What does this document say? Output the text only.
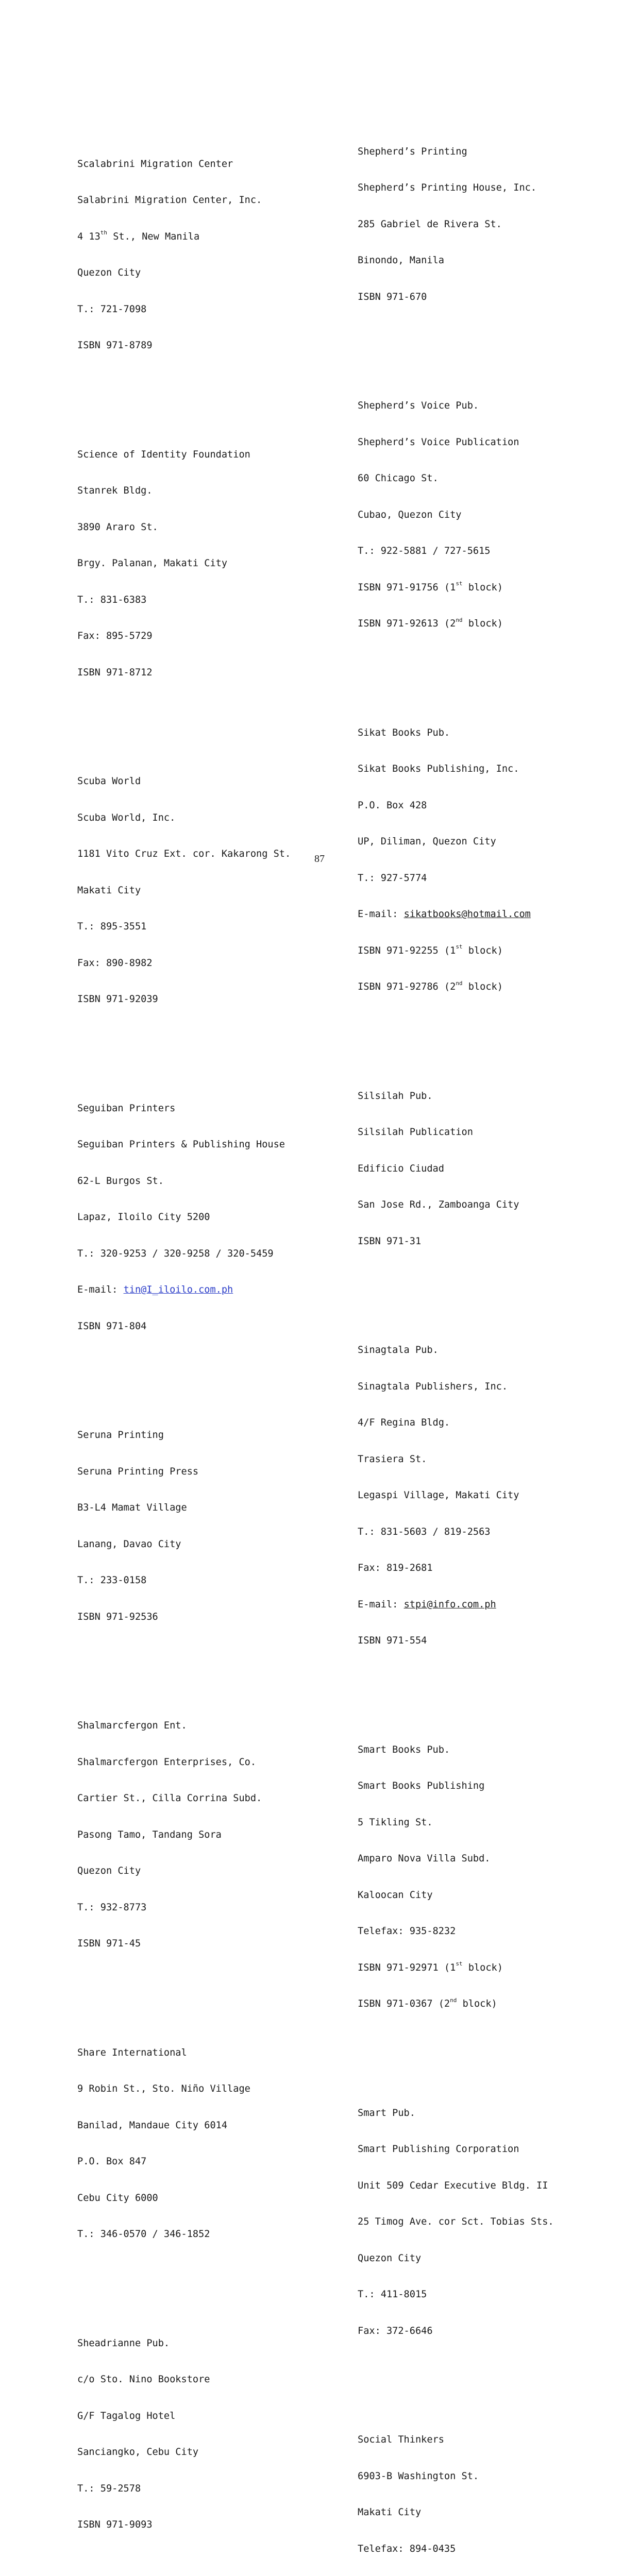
Scalabrini Migration Center

Salabrini Migration Center, Inc.

4 13th St., New Manila

Quezon City

T.: 721-7098

ISBN 971-8789

Science of Identity Foundation

Stanrek Bldg.

3890 Araro St.

Brgy. Palanan, Makati City

T.: 831-6383

Fax: 895-5729

ISBN 971-8712

Scuba World

Scuba World, Inc.

1181 Vito Cruz Ext. cor. Kakarong St.

Makati City

T.: 895-3551

Fax: 890-8982

ISBN 971-92039

Seguiban Printers

Seguiban Printers & Publishing House

62-L Burgos St.

Lapaz, Iloilo City 5200

T.: 320-9253 / 320-9258 / 320-5459

E-mail: tin@I_iloilo.com.ph

ISBN 971-804

Seruna Printing

Seruna Printing Press

B3-L4 Mamat Village

Lanang, Davao City

T.: 233-0158

ISBN 971-92536

Shalmarcfergon Ent.

Shalmarcfergon Enterprises, Co.

Cartier St., Cilla Corrina Subd.

Pasong Tamo, Tandang Sora

Quezon City

T.: 932-8773

ISBN 971-45

Share International

9 Robin St., Sto. Niño Village

Banilad, Mandaue City 6014

P.O. Box 847

Cebu City 6000

T.: 346-0570 / 346-1852

Sheadrianne Pub.

c/o Sto. Nino Bookstore

G/F Tagalog Hotel

Sanciangko, Cebu City

T.: 59-2578

ISBN 971-9093

Shepherd’s Printing

Shepherd’s Printing House, Inc.

285 Gabriel de Rivera St.

Binondo, Manila

ISBN 971-670

Shepherd’s Voice Pub.

Shepherd’s Voice Publication

60 Chicago St.

Cubao, Quezon City

T.: 922-5881 / 727-5615

ISBN 971-91756 (1st block)

ISBN 971-92613 (2nd block)

Sikat Books Pub.

Sikat Books Publishing, Inc.

P.O. Box 428

UP, Diliman, Quezon City

T.: 927-5774

E-mail: sikatbooks@hotmail.com

ISBN 971-92255 (1st block)

ISBN 971-92786 (2nd block)

Silsilah Pub.

Silsilah Publication

Edificio Ciudad

San Jose Rd., Zamboanga City

ISBN 971-31

Sinagtala Pub.

Sinagtala Publishers, Inc.

4/F Regina Bldg.

Trasiera St.

Legaspi Village, Makati City

T.: 831-5603 / 819-2563

Fax: 819-2681

E-mail: stpi@info.com.ph

ISBN 971-554

Smart Books Pub.

Smart Books Publishing

5 Tikling St.

Amparo Nova Villa Subd.

Kaloocan City

Telefax: 935-8232

ISBN 971-92971 (1st block)

ISBN 971-0367 (2nd block)

Smart Pub.

Smart Publishing Corporation

Unit 509 Cedar Executive Bldg. II

25 Timog Ave. cor Sct. Tobias Sts.

Quezon City

T.: 411-8015

Fax: 372-6646

Social Thinkers

6903-B Washington St.

Makati City

Telefax: 894-0435

87
